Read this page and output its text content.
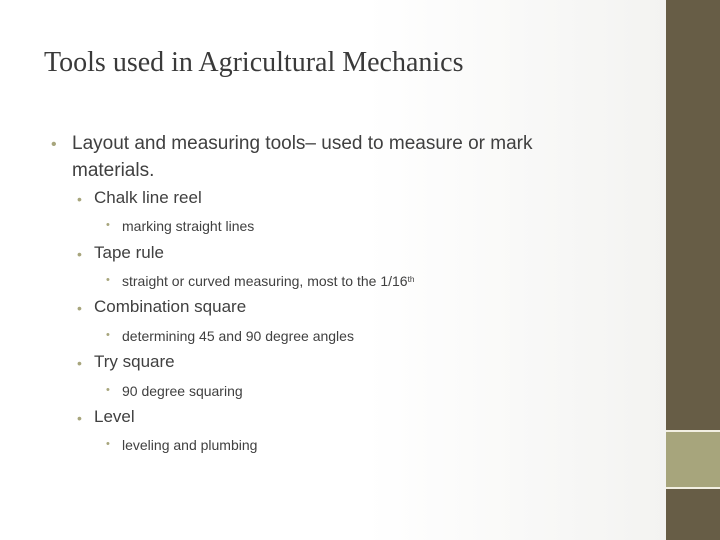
Tools used in Agricultural Mechanics
• Layout and measuring tools– used to measure or mark
materials.
• Chalk line reel
• marking straight lines
• Tape rule
• straight or curved measuring, most to the 1/16th
• Combination square
• determining 45 and 90 degree angles
• Try square
• 90 degree squaring
• Level
• leveling and plumbing
